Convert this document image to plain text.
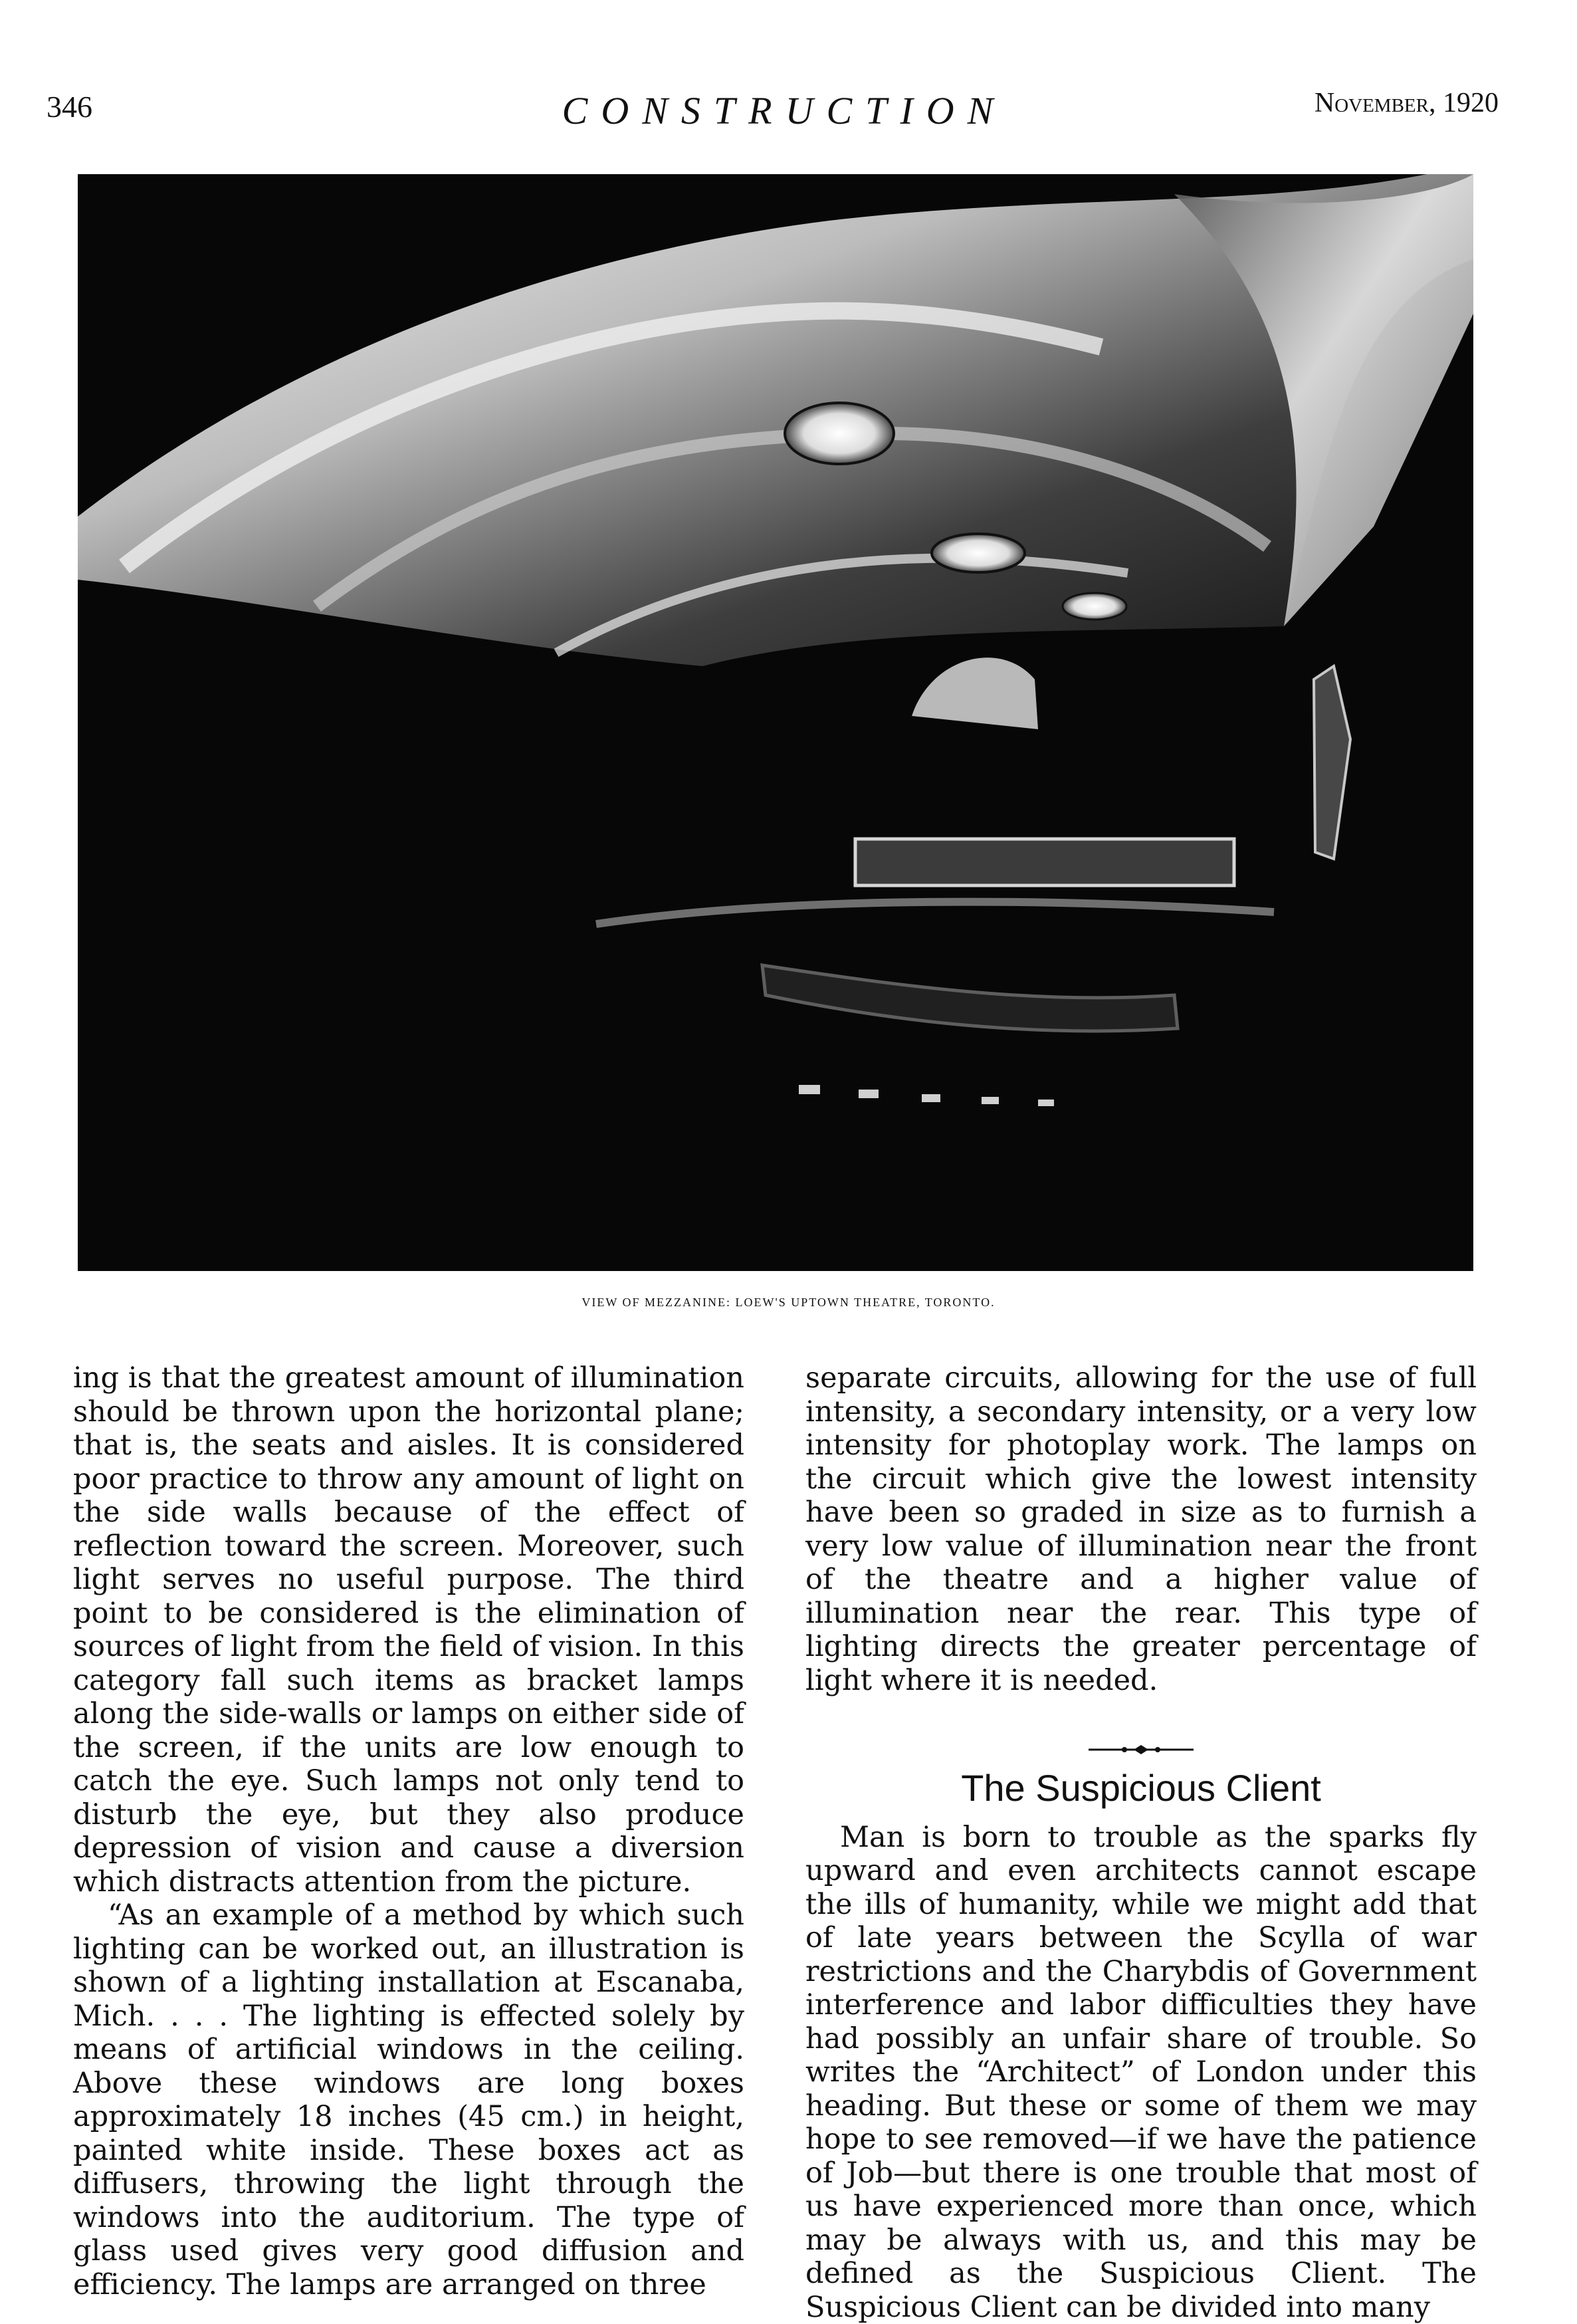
346	CONSTRUCTION	November, 1920
VIEW OF MEZZANINE: LOEW'S UPTOWN THEATRE, TORONTO.

ing is that the greatest amount of illumination should be thrown upon the horizontal plane; that is, the seats and aisles. It is considered poor practice to throw any amount of light on the side walls because of the effect of reflection toward the screen. Moreover, such light serves no useful purpose. The third point to be considered is the elimination of sources of light from the field of vision. In this category fall such items as bracket lamps along the side-walls or lamps on either side of the screen, if the units are low enough to catch the eye. Such lamps not only tend to disturb the eye, but they also produce depression of vision and cause a diversion which distracts attention from the picture.

“As an example of a method by which such lighting can be worked out, an illustration is shown of a lighting installation at Escanaba, Mich. . . . The lighting is effected solely by means of artificial windows in the ceiling. Above these windows are long boxes approximately 18 inches (45 cm.) in height, painted white inside. These boxes act as diffusers, throwing the light through the windows into the auditorium. The type of glass used gives very good diffusion and efficiency. The lamps are arranged on three

separate circuits, allowing for the use of full intensity, a secondary intensity, or a very low intensity for photoplay work. The lamps on the circuit which give the lowest intensity have been so graded in size as to furnish a very low value of illumination near the front of the theatre and a higher value of illumination near the rear. This type of lighting directs the greater percentage of light where it is needed.

The Suspicious Client

Man is born to trouble as the sparks fly upward and even architects cannot escape the ills of humanity, while we might add that of late years between the Scylla of war restrictions and the Charybdis of Government interference and labor difficulties they have had possibly an unfair share of trouble. So writes the “Architect” of London under this heading. But these or some of them we may hope to see removed—if we have the patience of Job—but there is one trouble that most of us have experienced more than once, which may be always with us, and this may be defined as the Suspicious Client. The Suspicious Client can be divided into many
